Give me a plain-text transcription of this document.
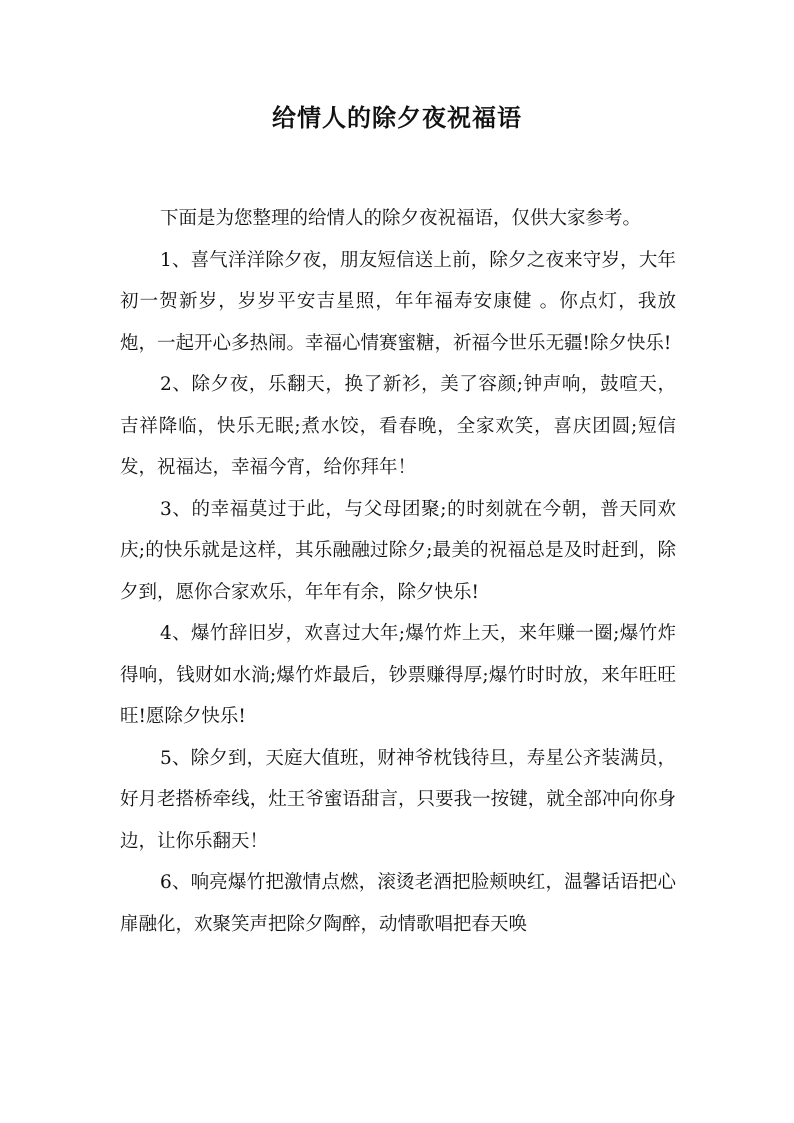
给情人的除夕夜祝福语

下面是为您整理的给情人的除夕夜祝福语，仅供大家参考。

1、喜气洋洋除夕夜，朋友短信送上前，除夕之夜来守岁，大年初一贺新岁，岁岁平安吉星照，年年福寿安康健 。你点灯，我放炮，一起开心多热闹。幸福心情赛蜜糖，祈福今世乐无疆!除夕快乐!

2、除夕夜，乐翻天，换了新衫，美了容颜;钟声响，鼓喧天，吉祥降临，快乐无眠;煮水饺，看春晚，全家欢笑，喜庆团圆;短信发，祝福达，幸福今宵，给你拜年！

3、的幸福莫过于此，与父母团聚;的时刻就在今朝，普天同欢庆;的快乐就是这样，其乐融融过除夕;最美的祝福总是及时赶到，除夕到，愿你合家欢乐，年年有余，除夕快乐!

4、爆竹辞旧岁，欢喜过大年;爆竹炸上天，来年赚一圈;爆竹炸得响，钱财如水淌;爆竹炸最后，钞票赚得厚;爆竹时时放，来年旺旺旺!愿除夕快乐!

5、除夕到，天庭大值班，财神爷枕钱待旦，寿星公齐装满员，好月老搭桥牵线，灶王爷蜜语甜言，只要我一按键，就全部冲向你身边，让你乐翻天！

6、响亮爆竹把激情点燃，滚烫老酒把脸颊映红，温馨话语把心扉融化，欢聚笑声把除夕陶醉，动情歌唱把春天唤
